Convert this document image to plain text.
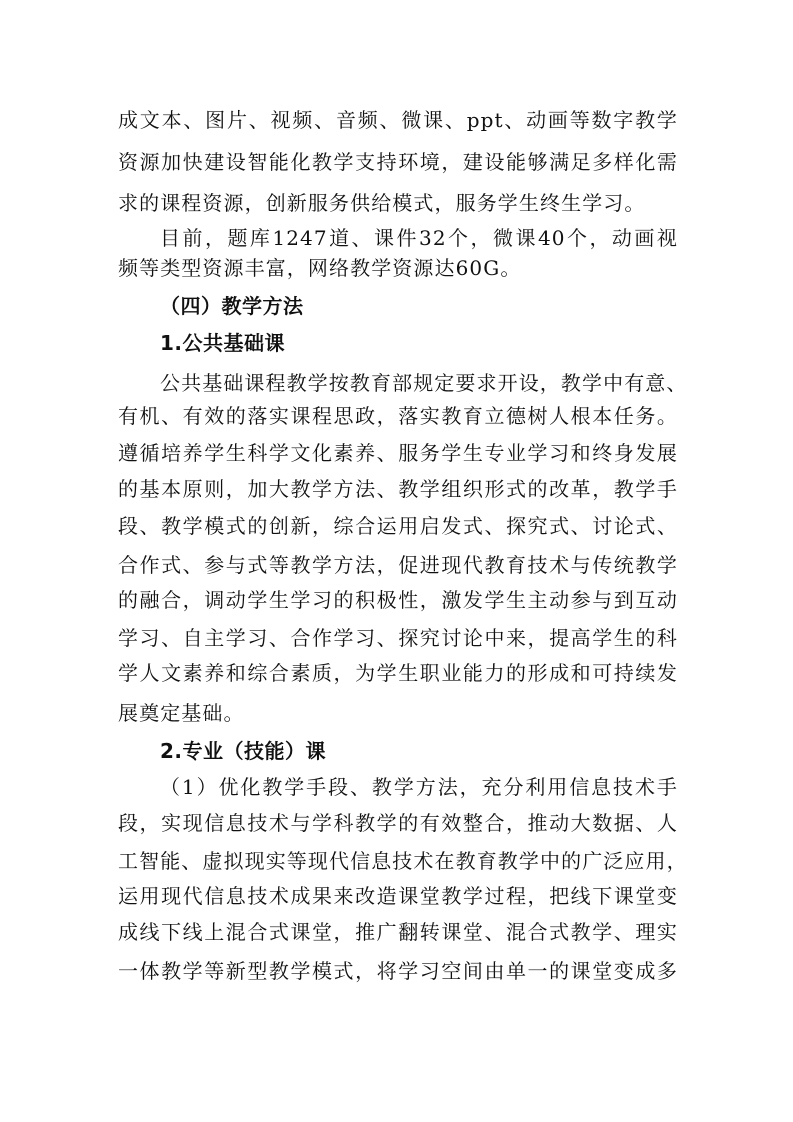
成文本、图片、视频、音频、微课、ppt、动画等数字教学
资源加快建设智能化教学支持环境，建设能够满足多样化需
求的课程资源，创新服务供给模式，服务学生终生学习。
目前，题库1247道、课件32个，微课40个，动画视
频等类型资源丰富，网络教学资源达60G。
（四）教学方法
1.公共基础课
公共基础课程教学按教育部规定要求开设，教学中有意、
有机、有效的落实课程思政，落实教育立德树人根本任务。
遵循培养学生科学文化素养、服务学生专业学习和终身发展
的基本原则，加大教学方法、教学组织形式的改革，教学手
段、教学模式的创新，综合运用启发式、探究式、讨论式、
合作式、参与式等教学方法，促进现代教育技术与传统教学
的融合，调动学生学习的积极性，激发学生主动参与到互动
学习、自主学习、合作学习、探究讨论中来，提高学生的科
学人文素养和综合素质，为学生职业能力的形成和可持续发
展奠定基础。
2.专业（技能）课
（1）优化教学手段、教学方法，充分利用信息技术手
段，实现信息技术与学科教学的有效整合，推动大数据、人
工智能、虚拟现实等现代信息技术在教育教学中的广泛应用，
运用现代信息技术成果来改造课堂教学过程，把线下课堂变
成线下线上混合式课堂，推广翻转课堂、混合式教学、理实
一体教学等新型教学模式，将学习空间由单一的课堂变成多
